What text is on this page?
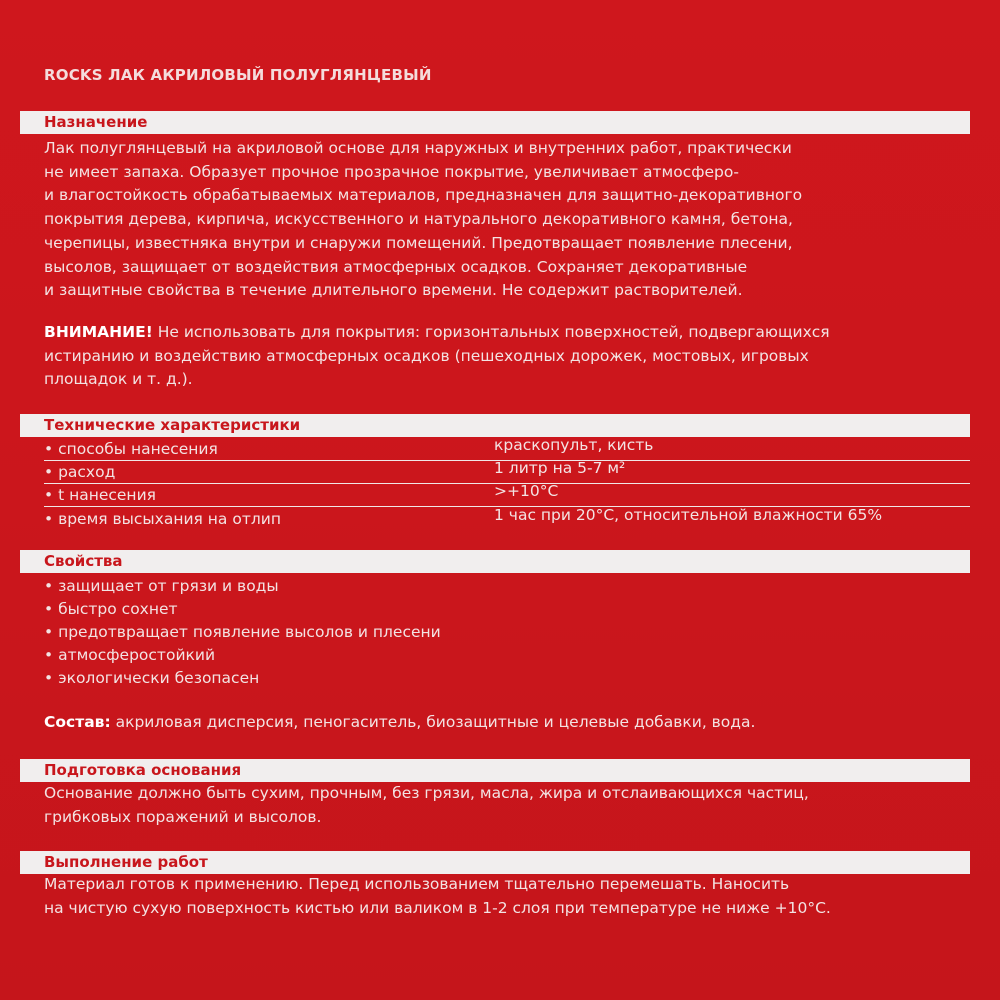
ROCKS ЛАК АКРИЛОВЫЙ ПОЛУГЛЯНЦЕВЫЙ
Назначение
Лак полуглянцевый на акриловой основе для наружных и внутренних работ, практически
не имеет запаха. Образует прочное прозрачное покрытие, увеличивает атмосферо-
и влагостойкость обрабатываемых материалов, предназначен для защитно-декоративного
покрытия дерева, кирпича, искусственного и натурального декоративного камня, бетона,
черепицы, известняка внутри и снаружи помещений. Предотвращает появление плесени,
высолов, защищает от воздействия атмосферных осадков. Сохраняет декоративные
и защитные свойства в течение длительного времени. Не содержит растворителей.
ВНИМАНИЕ! Не использовать для покрытия: горизонтальных поверхностей, подвергающихся
истиранию и воздействию атмосферных осадков (пешеходных дорожек, мостовых, игровых
площадок и т. д.).
Технические характеристики
• способы нанесения	краскопульт, кисть
• расход	1 литр на 5-7 м²
• t нанесения	>+10°C
• время высыхания на отлип	1 час при 20°C, относительной влажности 65%
Свойства
• защищает от грязи и воды
• быстро сохнет
• предотвращает появление высолов и плесени
• атмосферостойкий
• экологически безопасен
Состав: акриловая дисперсия, пеногаситель, биозащитные и целевые добавки, вода.
Подготовка основания
Основание должно быть сухим, прочным, без грязи, масла, жира и отслаивающихся частиц,
грибковых поражений и высолов.
Выполнение работ
Материал готов к применению. Перед использованием тщательно перемешать. Наносить
на чистую сухую поверхность кистью или валиком в 1-2 слоя при температуре не ниже +10°С.
